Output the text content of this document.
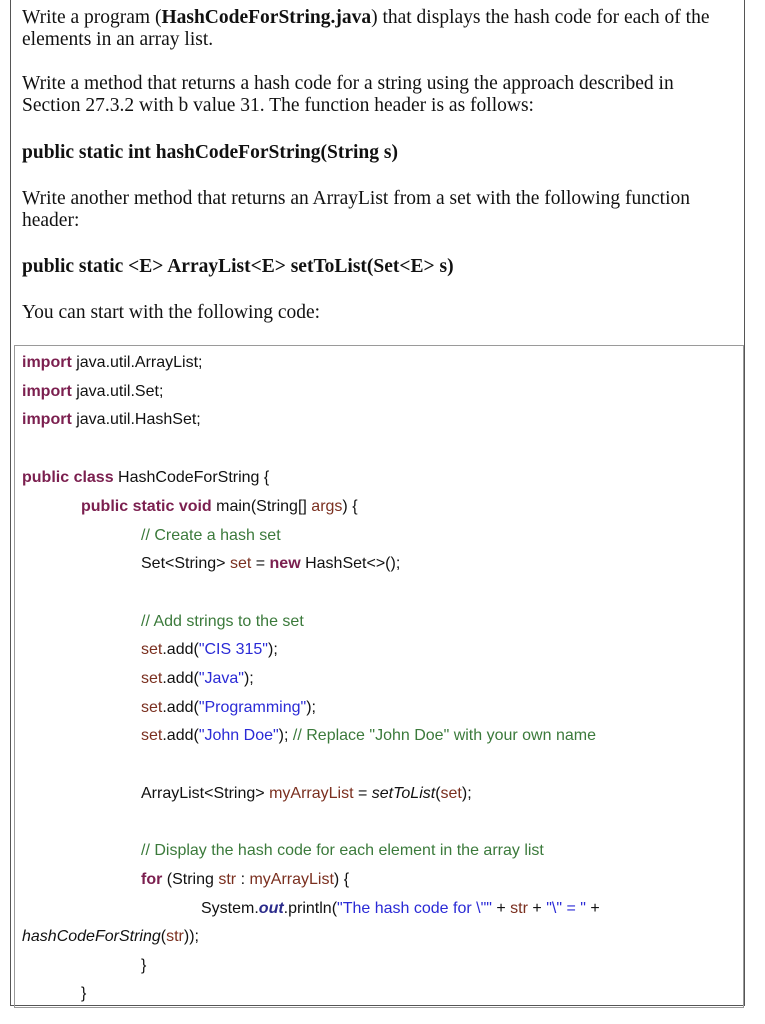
Write a program (HashCodeForString.java) that displays the hash code for each of the
elements in an array list.

Write a method that returns a hash code for a string using the approach described in
Section 27.3.2 with b value 31. The function header is as follows:

public static int hashCodeForString(String s)

Write another method that returns an ArrayList from a set with the following function
header:

public static <E> ArrayList<E> setToList(Set<E> s)

You can start with the following code:

import java.util.ArrayList;
import java.util.Set;
import java.util.HashSet;
public class HashCodeForString {
public static void main(String[] args) {
// Create a hash set
Set<String> set = new HashSet<>();
// Add strings to the set
set.add("CIS 315");
set.add("Java");
set.add("Programming");
set.add("John Doe"); // Replace "John Doe" with your own name
ArrayList<String> myArrayList = setToList(set);
// Display the hash code for each element in the array list
for (String str : myArrayList) {
System.out.println("The hash code for \"" + str + "\" = " +
hashCodeForString(str));
}
}
